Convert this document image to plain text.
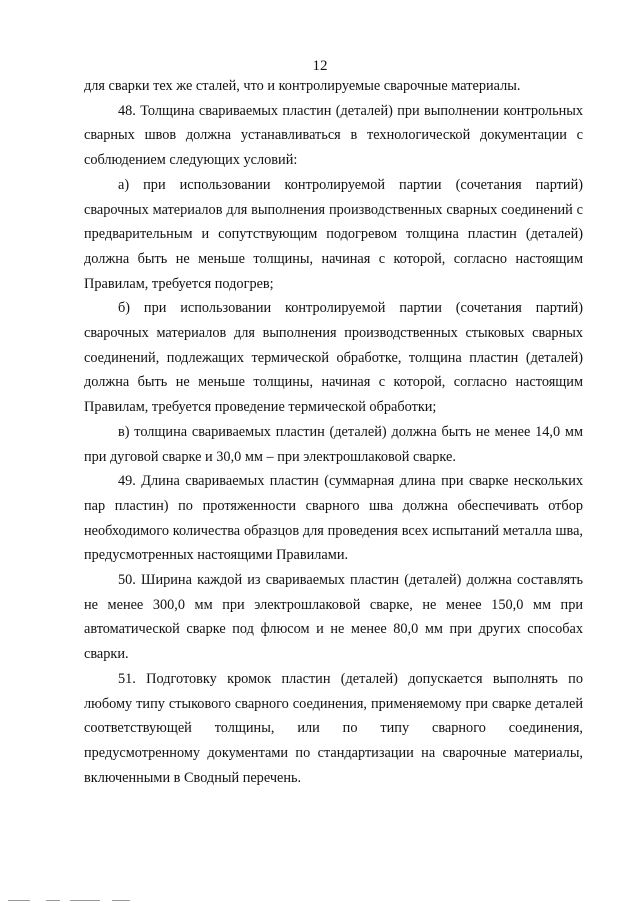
12

для сварки тех же сталей, что и контролируемые сварочные материалы.

48. Толщина свариваемых пластин (деталей) при выполнении контрольных сварных швов должна устанавливаться в технологической документации с соблюдением следующих условий:

а) при использовании контролируемой партии (сочетания партий) сварочных материалов для выполнения производственных сварных соединений с предварительным и сопутствующим подогревом толщина пластин (деталей) должна быть не меньше толщины, начиная с которой, согласно настоящим Правилам, требуется подогрев;

б) при использовании контролируемой партии (сочетания партий) сварочных материалов для выполнения производственных стыковых сварных соединений, подлежащих термической обработке, толщина пластин (деталей) должна быть не меньше толщины, начиная с которой, согласно настоящим Правилам, требуется проведение термической обработки;

в) толщина свариваемых пластин (деталей) должна быть не менее 14,0 мм при дуговой сварке и 30,0 мм – при электрошлаковой сварке.

49. Длина свариваемых пластин (суммарная длина при сварке нескольких пар пластин) по протяженности сварного шва должна обеспечивать отбор необходимого количества образцов для проведения всех испытаний металла шва, предусмотренных настоящими Правилами.

50. Ширина каждой из свариваемых пластин (деталей) должна составлять не менее 300,0 мм при электрошлаковой сварке, не менее 150,0 мм при автоматической сварке под флюсом и не менее 80,0 мм при других способах сварки.

51. Подготовку кромок пластин (деталей) допускается выполнять по любому типу стыкового сварного соединения, применяемому при сварке деталей соответствующей толщины, или по типу сварного соединения, предусмотренному документами по стандартизации на сварочные материалы, включенными в Сводный перечень.
